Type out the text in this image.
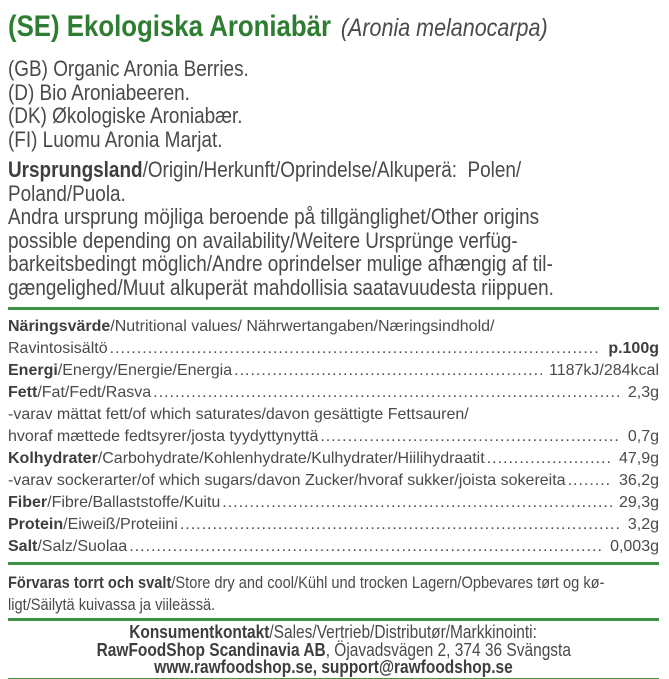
(SE) Ekologiska Aroniabär (Aronia melanocarpa)
(GB) Organic Aronia Berries.
(D) Bio Aroniabeeren.
(DK) Økologiske Aroniabær.
(FI) Luomu Aronia Marjat.
Ursprungsland/Origin/Herkunft/Oprindelse/Alkuperä:  Polen/
Poland/Puola.
Andra ursprung möjliga beroende på tillgänglighet/Other origins
possible depending on availability/Weitere Ursprünge verfüg-
barkeitsbedingt möglich/Andre oprindelser mulige afhængig af til-
gængelighed/Muut alkuperät mahdollisia saatavuudesta riippuen.
Näringsvärde/Nutritional values/ Nährwertangaben/Næringsindhold/
Ravintosisältö .....	p.100g
Energi/Energy/Energie/Energia .....	1187kJ/284kcal
Fett/Fat/Fedt/Rasva .....	2,3g
-varav mättat fett/of which saturates/davon gesättigte Fettsauren/
hvoraf mættede fedtsyrer/josta tyydyttynyttä .....	0,7g
Kolhydrater/Carbohydrate/Kohlenhydrate/Kulhydrater/Hiilihydraatit .....	47,9g
-varav sockerarter/of which sugars/davon Zucker/hvoraf sukker/joista sokereita .....	36,2g
Fiber/Fibre/Ballaststoffe/Kuitu .....	29,3g
Protein/Eiweiß/Proteiini .....	3,2g
Salt/Salz/Suolaa .....	0,003g
Förvaras torrt och svalt/Store dry and cool/Kühl und trocken Lagern/Opbevares tørt og kø-
ligt/Säilytä kuivassa ja viileässä.
Konsumentkontakt/Sales/Vertrieb/Distributør/Markkinointi:
RawFoodShop Scandinavia AB, Öjavadsvägen 2, 374 36 Svängsta
www.rawfoodshop.se, support@rawfoodshop.se
